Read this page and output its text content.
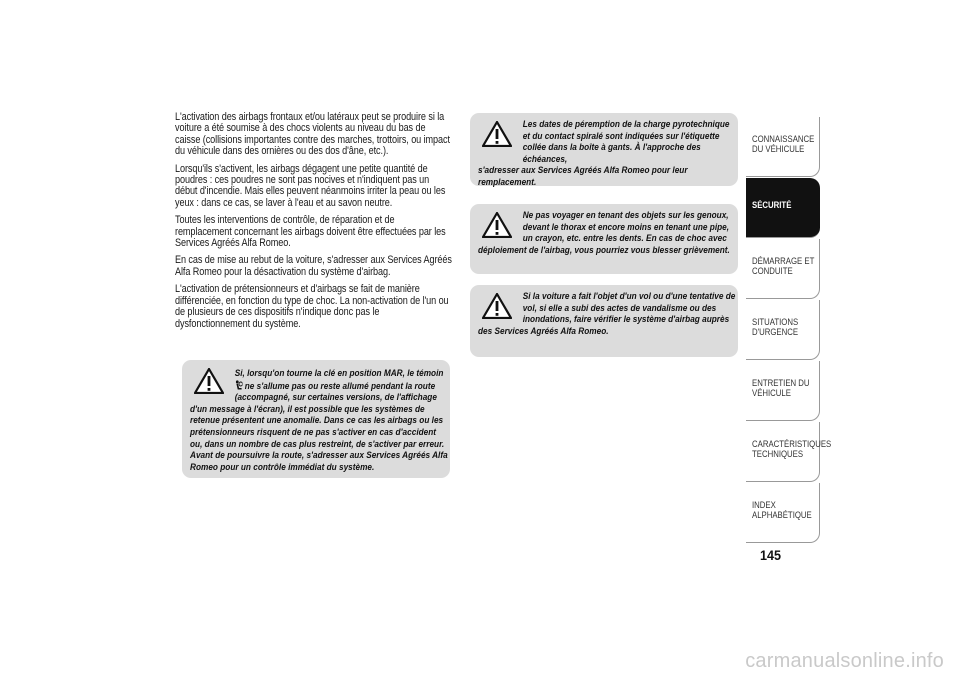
L'activation des airbags frontaux et/ou latéraux peut se produire si la voiture a été soumise à des chocs violents au niveau du bas de caisse (collisions importantes contre des marches, trottoirs, ou impact du véhicule dans des ornières ou des dos d'âne, etc.).

Lorsqu'ils s'activent, les airbags dégagent une petite quantité de poudres : ces poudres ne sont pas nocives et n'indiquent pas un début d'incendie. Mais elles peuvent néanmoins irriter la peau ou les yeux : dans ce cas, se laver à l'eau et au savon neutre.

Toutes les interventions de contrôle, de réparation et de remplacement concernant les airbags doivent être effectuées par les Services Agréés Alfa Romeo.

En cas de mise au rebut de la voiture, s'adresser aux Services Agréés Alfa Romeo pour la désactivation du système d'airbag.

L'activation de prétensionneurs et d'airbags se fait de manière différenciée, en fonction du type de choc. La non-activation de l'un ou de plusieurs de ces dispositifs n'indique donc pas le dysfonctionnement du système.

Si, lorsqu'on tourne la clé en position MAR, le témoin
ne s'allume pas ou reste allumé pendant la route (accompagné, sur certaines versions, de l'affichage
d'un message à l'écran), il est possible que les systèmes de retenue présentent une anomalie. Dans ce cas les airbags ou les prétensionneurs risquent de ne pas s'activer en cas d'accident ou, dans un nombre de cas plus restreint, de s'activer par erreur. Avant de poursuivre la route, s'adresser aux Services Agréés Alfa Romeo pour un contrôle immédiat du système.
Les dates de péremption de la charge pyrotechnique et du contact spiralé sont indiquées sur l'étiquette collée dans la boîte à gants. À l'approche des échéances,
s'adresser aux Services Agréés Alfa Romeo pour leur remplacement.
Ne pas voyager en tenant des objets sur les genoux, devant le thorax et encore moins en tenant une pipe, un crayon, etc. entre les dents. En cas de choc avec
déploiement de l'airbag, vous pourriez vous blesser grièvement.
Si la voiture a fait l'objet d'un vol ou d'une tentative de vol, si elle a subi des actes de vandalisme ou des inondations, faire vérifier le système d'airbag auprès
des Services Agréés Alfa Romeo.
CONNAISSANCE DU VÉHICULE
SÉCURITÉ
DÉMARRAGE ET CONDUITE
SITUATIONS D'URGENCE
ENTRETIEN DU VÉHICULE
CARACTÉRISTIQUES TECHNIQUES
INDEX ALPHABÉTIQUE
145
carmanualsonline.info
